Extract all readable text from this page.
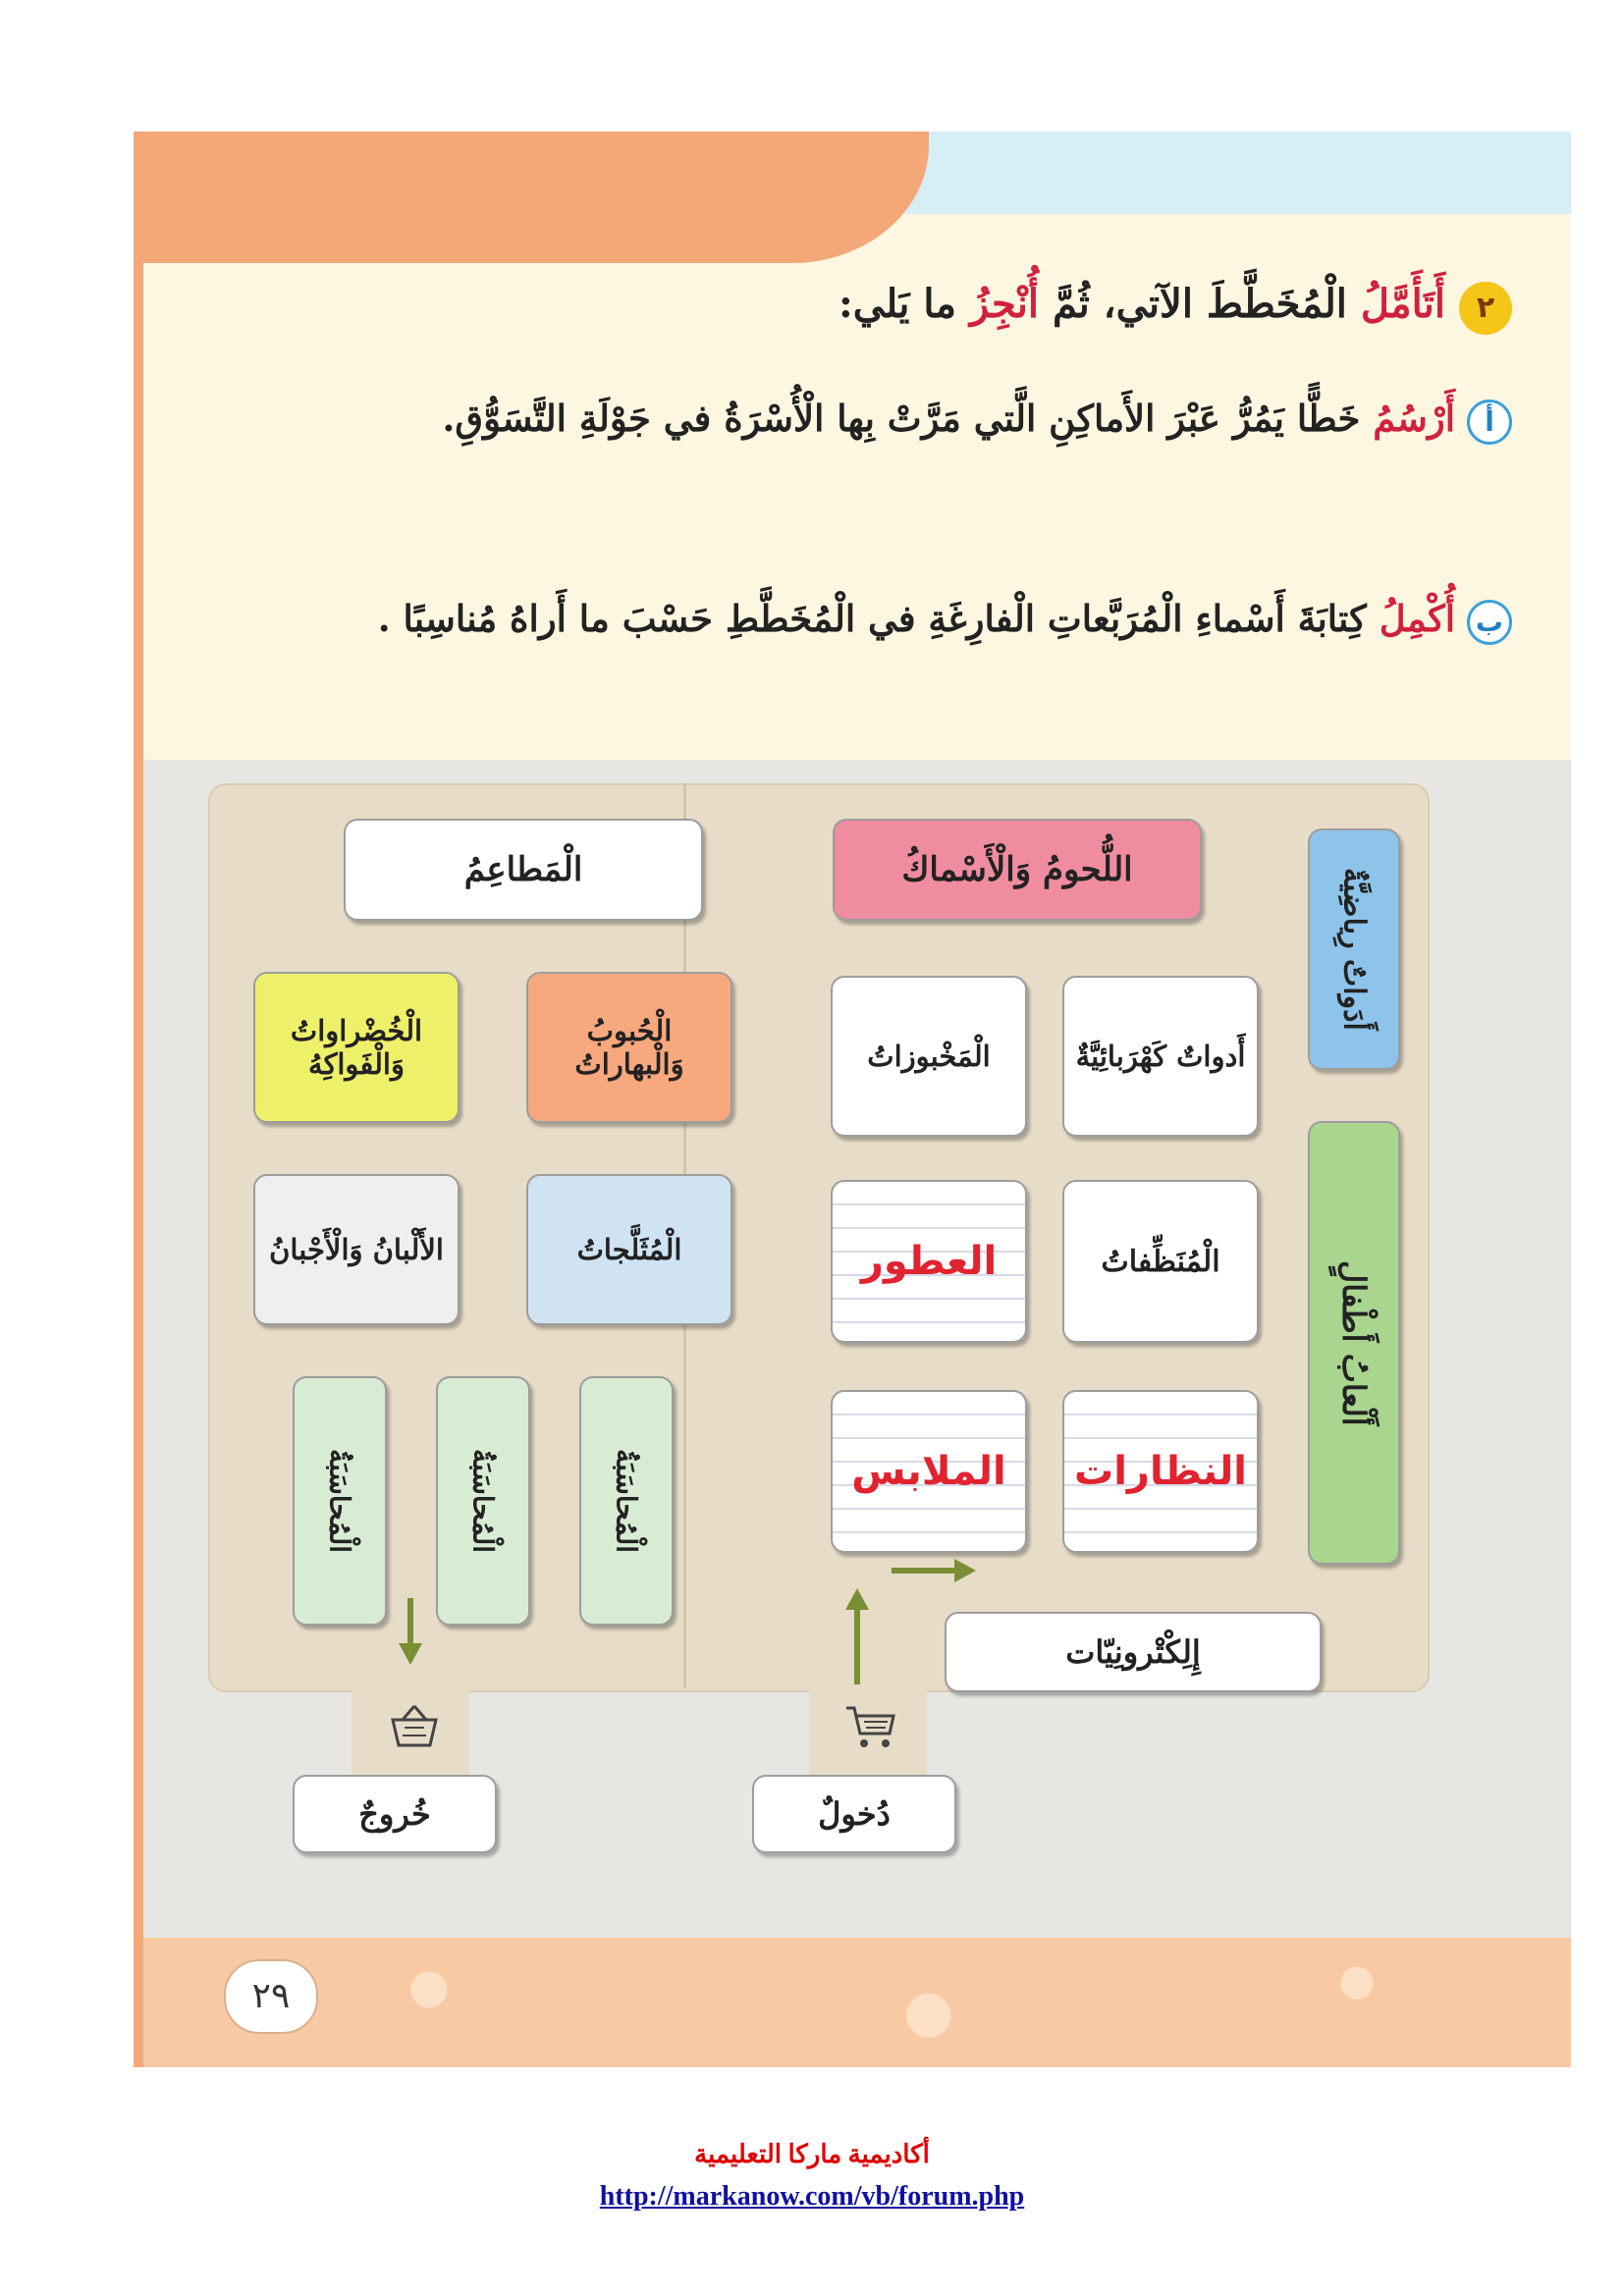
٢أَتَأَمَّلُ الْمُخَطَّطَ الآتي، ثُمَّ أُنْجِزُ ما يَلي:
أأَرْسُمُ خَطًّا يَمُرُّ عَبْرَ الأَماكِنِ الَّتي مَرَّتْ بِها الْأُسْرَةُ في جَوْلَةِ التَّسَوُّقِ.
بأُكْمِلُ كِتابَةَ أَسْماءِ الْمُرَبَّعاتِ الْفارِغَةِ في الْمُخَطَّطِ حَسْبَ ما أَراهُ مُناسِبًا .
الْمَطاعِمُ	اللُّحومُ وَالْأَسْماكُ	أَدَواتٌ رِياضِيَّةٌ
الْخُضْراواتُ وَالْفَواكِهُ
الْحُبوبُ وَالْبهاراتُ	الْمَخْبوزاتُ	أَدواتٌ كَهْرَبائِيَّةٌ
أَلْعابُ أَطْفالٍ
الأَلْبانُ وَالْأَجْبانُ	الْمُثَلَّجاتُ	العطور	الْمُنَظِّفاتُ
الْمُحاسَبَةُ	الْمُحاسَبَةُ	الْمُحاسَبَةُ	الملابس النظارات
إِلِكْتْرونِيّات
خُروجٌ	دُخولٌ
٢٩
أكاديمية ماركا التعليمية
http://markanow.com/vb/forum.php
